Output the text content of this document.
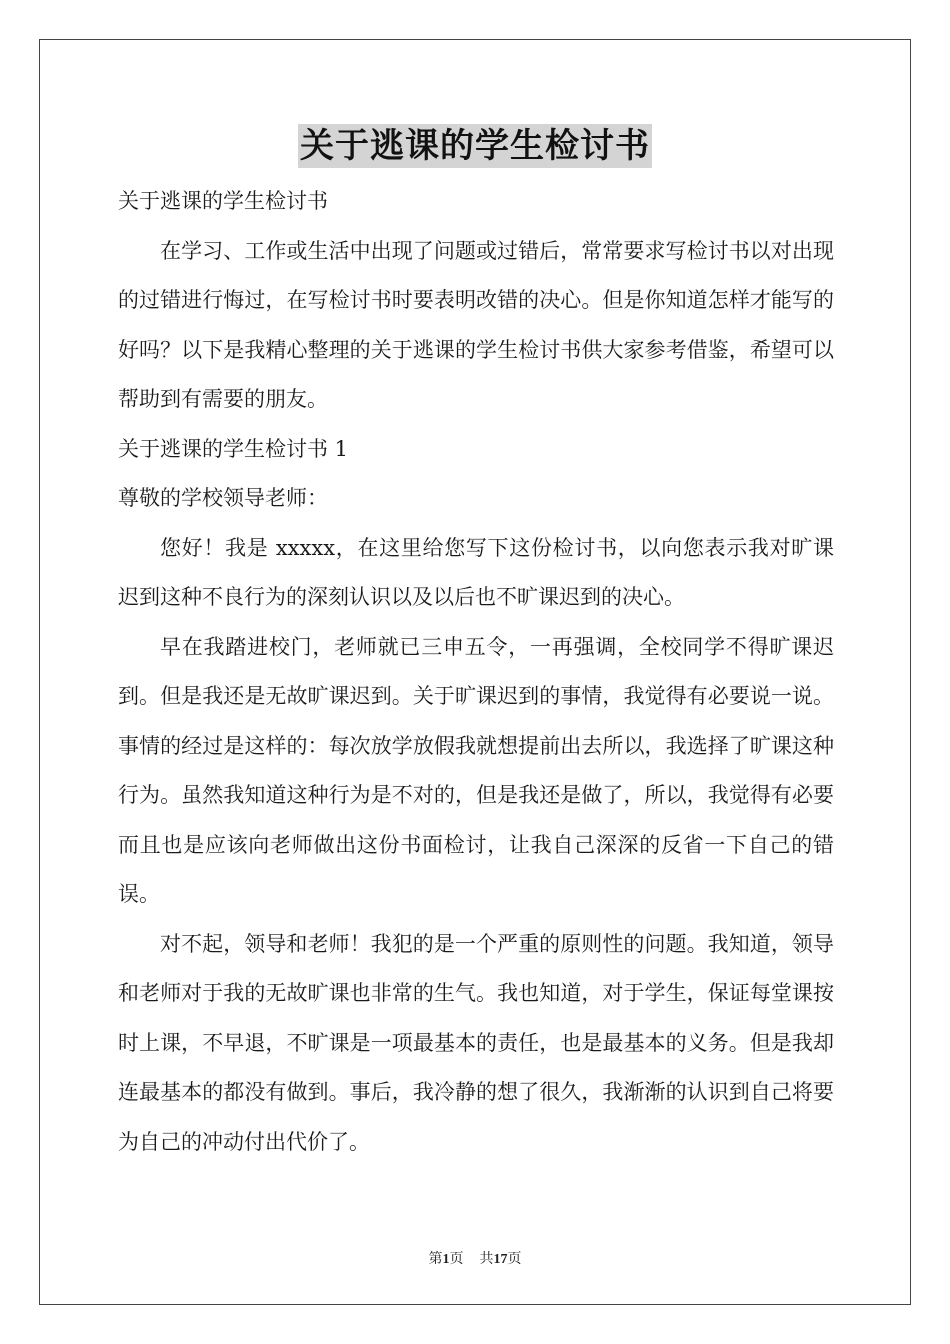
关于逃课的学生检讨书

关于逃课的学生检讨书

在学习、工作或生活中出现了问题或过错后，常常要求写检讨书以对出现的过错进行悔过，在写检讨书时要表明改错的决心。但是你知道怎样才能写的好吗？以下是我精心整理的关于逃课的学生检讨书供大家参考借鉴，希望可以帮助到有需要的朋友。

关于逃课的学生检讨书 1

尊敬的学校领导老师：

您好！我是 xxxxx，在这里给您写下这份检讨书，以向您表示我对旷课迟到这种不良行为的深刻认识以及以后也不旷课迟到的决心。

早在我踏进校门，老师就已三申五令，一再强调，全校同学不得旷课迟到。但是我还是无故旷课迟到。关于旷课迟到的事情，我觉得有必要说一说。事情的经过是这样的：每次放学放假我就想提前出去所以，我选择了旷课这种行为。虽然我知道这种行为是不对的，但是我还是做了，所以，我觉得有必要而且也是应该向老师做出这份书面检讨，让我自己深深的反省一下自己的错误。

对不起，领导和老师！我犯的是一个严重的原则性的问题。我知道，领导和老师对于我的无故旷课也非常的生气。我也知道，对于学生，保证每堂课按时上课，不早退，不旷课是一项最基本的责任，也是最基本的义务。但是我却连最基本的都没有做到。事后，我冷静的想了很久，我渐渐的认识到自己将要为自己的冲动付出代价了。

第1页 共17页
